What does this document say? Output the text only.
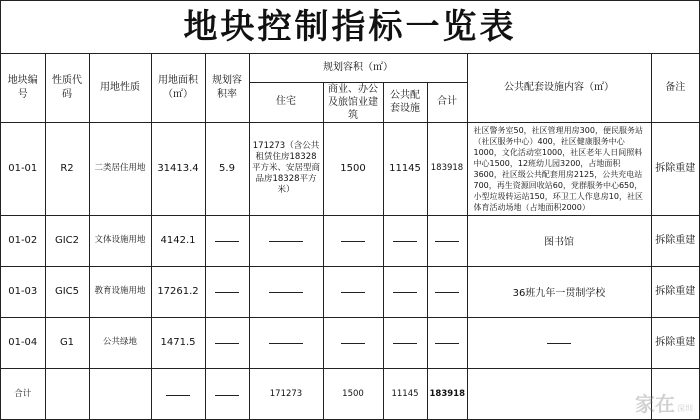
地块控制指标一览表
地块编号	性质代码	用地性质	用地面积（㎡）	规划容积率	规划容积（㎡）				公共配套设施内容（㎡）	备注
					住宅	商业、办公及旅馆业建筑	公共配套设施	合计		
01-01	R2	二类居住用地	31413.4	5.9	171273（含公共租赁住房18328平方米、安居型商品房18328平方米）	1500	11145	183918	社区警务室50，社区管理用房300，便民服务站（社区服务中心）400，社区健康服务中心1000，文化活动室1000，社区老年人日间照料中心1500，12班幼儿园3200，占地面积3600，社区级公共配套用房2125，公共充电站700，再生资源回收站60，党群服务中心650，小型垃圾转运站150，环卫工人作息房10，社区体育活动场地（占地面积2000）	拆除重建
01-02	GIC2	文体设施用地	4142.1						图书馆	拆除重建
01-03	GIC5	教育设施用地	17261.2						36班九年一贯制学校	拆除重建
01-04	G1	公共绿地	1471.5							拆除重建
合计					171273	1500	11145	183918			家在 深圳
